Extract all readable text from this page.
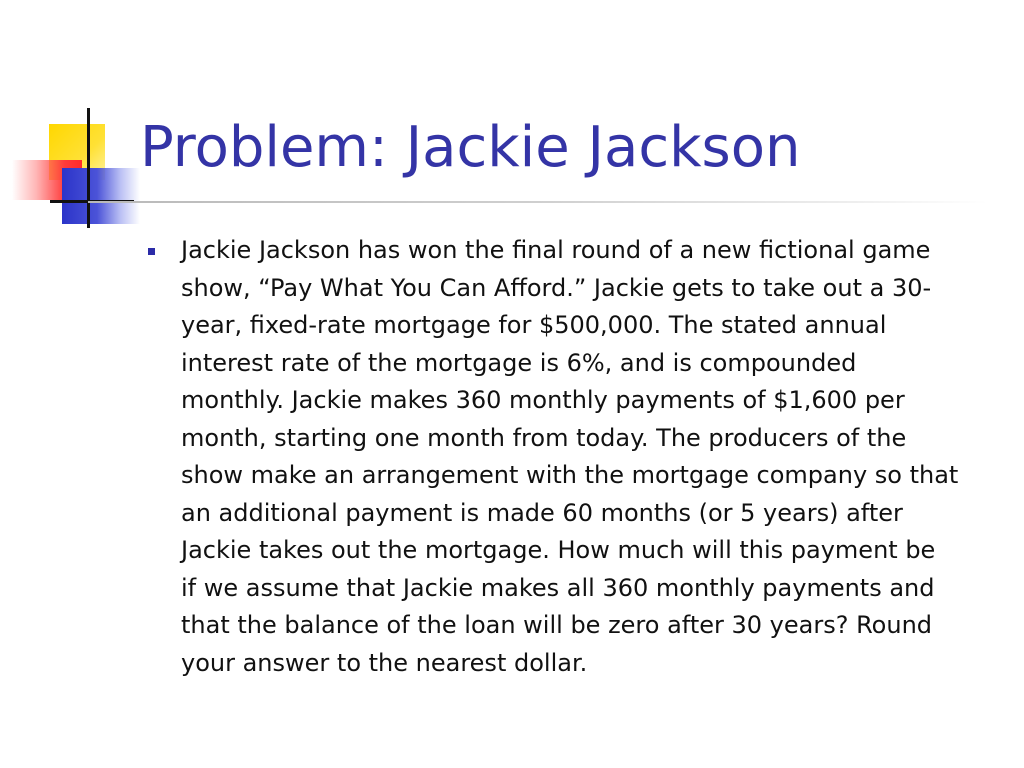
Problem: Jackie Jackson

Jackie Jackson has won the final round of a new fictional game
show, “Pay What You Can Afford.” Jackie gets to take out a 30-
year, fixed-rate mortgage for $500,000. The stated annual
interest rate of the mortgage is 6%, and is compounded
monthly. Jackie makes 360 monthly payments of $1,600 per
month, starting one month from today. The producers of the
show make an arrangement with the mortgage company so that
an additional payment is made 60 months (or 5 years) after
Jackie takes out the mortgage. How much will this payment be
if we assume that Jackie makes all 360 monthly payments and
that the balance of the loan will be zero after 30 years? Round
your answer to the nearest dollar.
